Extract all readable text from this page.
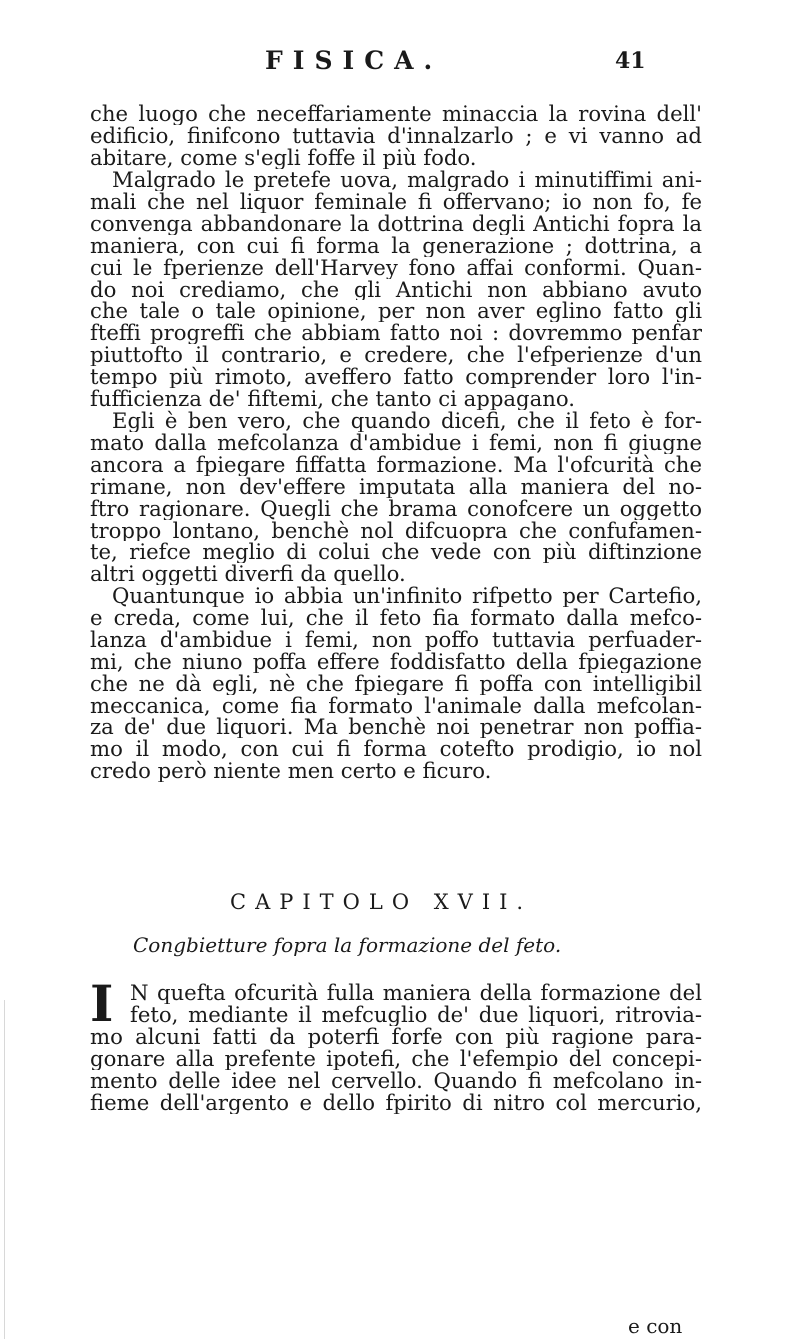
FISICA.	41
che luogo che neceffariamente minaccia la rovina dell'
edificio, finifcono tuttavia d'innalzarlo ; e vi vanno ad
abitare, come s'egli foffe il più fodo.
Malgrado le pretefe uova, malgrado i minutiffimi ani-
mali che nel liquor feminale fi offervano; io non fo, fe
convenga abbandonare la dottrina degli Antichi fopra la
maniera, con cui fi forma la generazione ; dottrina, a
cui le fperienze dell'Harvey fono affai conformi. Quan-
do noi crediamo, che gli Antichi non abbiano avuto
che tale o tale opinione, per non aver eglino fatto gli
fteffi progreffi che abbiam fatto noi : dovremmo penfar
piuttofto il contrario, e credere, che l'efperienze d'un
tempo più rimoto, aveffero fatto comprender loro l'in-
fufficienza de' fiftemi, che tanto ci appagano.
Egli è ben vero, che quando dicefi, che il feto è for-
mato dalla mefcolanza d'ambidue i femi, non fi giugne
ancora a fpiegare fiffatta formazione. Ma l'ofcurità che
rimane, non dev'effere imputata alla maniera del no-
ftro ragionare. Quegli che brama conofcere un oggetto
troppo lontano, benchè nol difcuopra che confufamen-
te, riefce meglio di colui che vede con più diftinzione
altri oggetti diverfi da quello.
Quantunque io abbia un'infinito rifpetto per Cartefio,
e creda, come lui, che il feto fia formato dalla mefco-
lanza d'ambidue i femi, non poffo tuttavia perfuader-
mi, che niuno poffa effere foddisfatto della fpiegazione
che ne dà egli, nè che fpiegare fi poffa con intelligibil
meccanica, come fia formato l'animale dalla mefcolan-
za de' due liquori. Ma benchè noi penetrar non poffia-
mo il modo, con cui fi forma cotefto prodigio, io nol
credo però niente men certo e ficuro.
CAPITOLO XVII.
Congbietture fopra la formazione del feto.
I N quefta ofcurità fulla maniera della formazione del
feto, mediante il mefcuglio de' due liquori, ritrovia-
mo alcuni fatti da poterfi forfe con più ragione para-
gonare alla prefente ipotefi, che l'efempio del concepi-
mento delle idee nel cervello. Quando fi mefcolano in-
fieme dell'argento e dello fpirito di nitro col mercurio,
e con
